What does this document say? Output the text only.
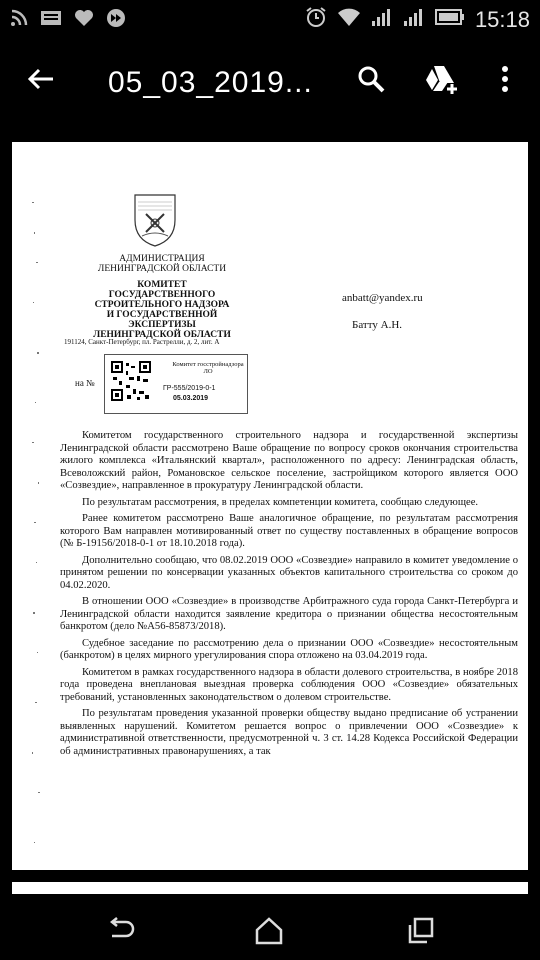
15:18
05_03_2019...
АДМИНИСТРАЦИЯ
ЛЕНИНГРАДСКОЙ ОБЛАСТИ
КОМИТЕТ
ГОСУДАРСТВЕННОГО
СТРОИТЕЛЬНОГО НАДЗОРА
И ГОСУДАРСТВЕННОЙ ЭКСПЕРТИЗЫ
ЛЕНИНГРАДСКОЙ ОБЛАСТИ
191124, Санкт-Петербург, пл. Растрелли, д. 2, лит. А
anbatt@yandex.ru
Батту А.Н.
Комитет госстройнадзора ЛО
ГР-555/2019-0-1
05.03.2019
на №

Комитетом государственного строительного надзора и государственной экспертизы Ленинградской области рассмотрено Ваше обращение по вопросу сроков окончания строительства жилого комплекса «Итальянский квартал», расположенного по адресу: Ленинградская область, Всеволожский район, Романовское сельское поселение, застройщиком которого является ООО «Созвездие», направленное в прокуратуру Ленинградской области.

По результатам рассмотрения, в пределах компетенции комитета, сообщаю следующее.

Ранее комитетом рассмотрено Ваше аналогичное обращение, по результатам рассмотрения которого Вам направлен мотивированный ответ по существу поставленных в обращение вопросов (№ Б-19156/2018-0-1 от 18.10.2018 года).

Дополнительно сообщаю, что 08.02.2019 ООО «Созвездие» направило в комитет уведомление о принятом решении по консервации указанных объектов капитального строительства со сроком до 04.02.2020.

В отношении ООО «Созвездие» в производстве Арбитражного суда города Санкт-Петербурга и Ленинградской области находится заявление кредитора о признании общества несостоятельным банкротом (дело №А56-85873/2018).

Судебное заседание по рассмотрению дела о признании ООО «Созвездие» несостоятельным (банкротом) в целях мирного урегулирования спора отложено на 03.04.2019 года.

Комитетом в рамках государственного надзора в области долевого строительства, в ноябре 2018 года проведена внеплановая выездная проверка соблюдения ООО «Созвездие» обязательных требований, установленных законодательством о долевом строительстве.

По результатам проведения указанной проверки обществу выдано предписание об устранении выявленных нарушений. Комитетом решается вопрос о привлечении ООО «Созвездие» к административной ответственности, предусмотренной ч. 3 ст. 14.28 Кодекса Российской Федерации об административных правонарушениях, а так
